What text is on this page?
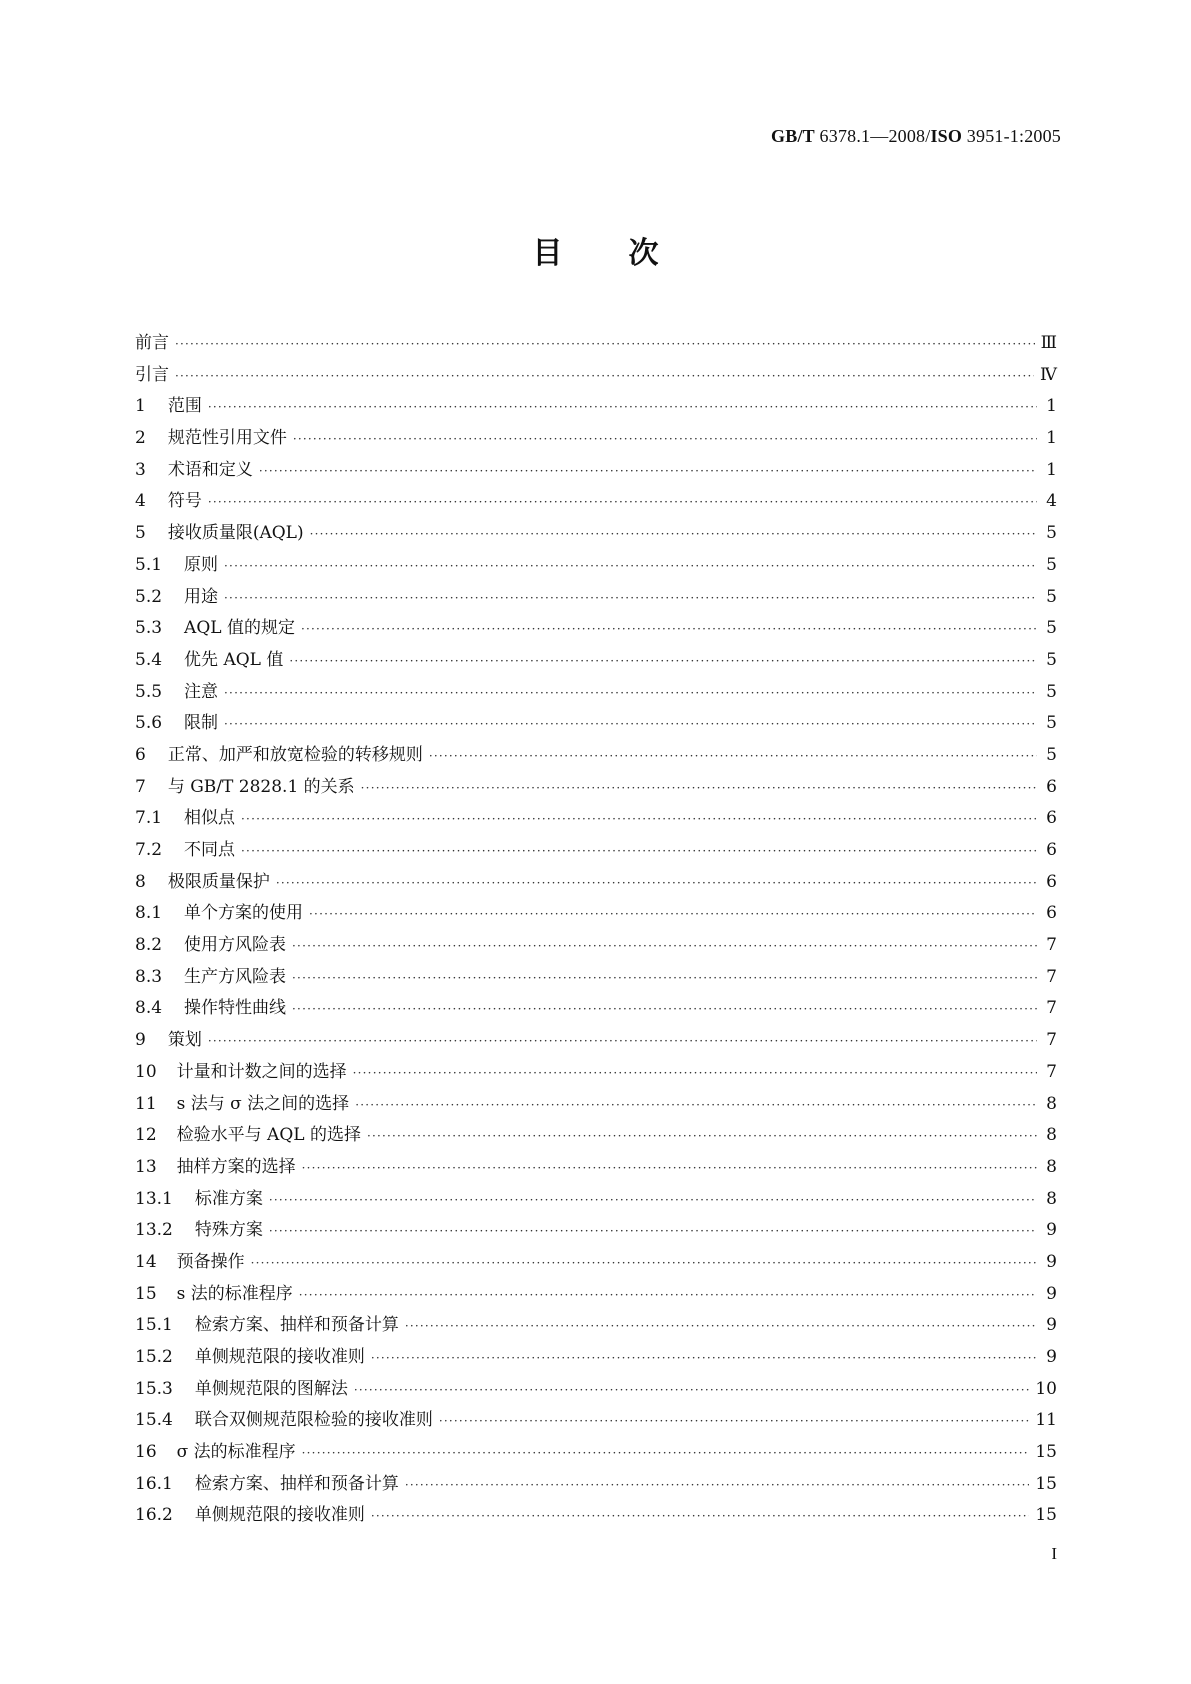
GB/T 6378.1—2008/ISO 3951-1:2005
目次
前言 ·····	Ⅲ
引言 ·····	Ⅳ
1 范围 ·····	1
2 规范性引用文件 ·····	1
3 术语和定义 ·····	1
4 符号 ·····	4
5 接收质量限(AQL) ·····	5
5.1 原则 ·····	5
5.2 用途 ·····	5
5.3 AQL 值的规定 ·····	5
5.4 优先 AQL 值 ·····	5
5.5 注意 ·····	5
5.6 限制 ·····	5
6 正常、加严和放宽检验的转移规则 ·····	5
7 与 GB/T 2828.1 的关系 ·····	6
7.1 相似点 ·····	6
7.2 不同点 ·····	6
8 极限质量保护 ·····	6
8.1 单个方案的使用 ·····	6
8.2 使用方风险表 ·····	7
8.3 生产方风险表 ·····	7
8.4 操作特性曲线 ·····	7
9 策划 ·····	7
10 计量和计数之间的选择 ·····	7
11 s 法与 σ 法之间的选择 ·····	8
12 检验水平与 AQL 的选择 ·····	8
13 抽样方案的选择 ·····	8
13.1 标准方案 ·····	8
13.2 特殊方案 ·····	9
14 预备操作 ·····	9
15 s 法的标准程序 ·····	9
15.1 检索方案、抽样和预备计算 ·····	9
15.2 单侧规范限的接收准则 ·····	9
15.3 单侧规范限的图解法 ·····	10
15.4 联合双侧规范限检验的接收准则 ·····	11
16 σ 法的标准程序 ·····	15
16.1 检索方案、抽样和预备计算 ·····	15
16.2 单侧规范限的接收准则 ·····	15
I
